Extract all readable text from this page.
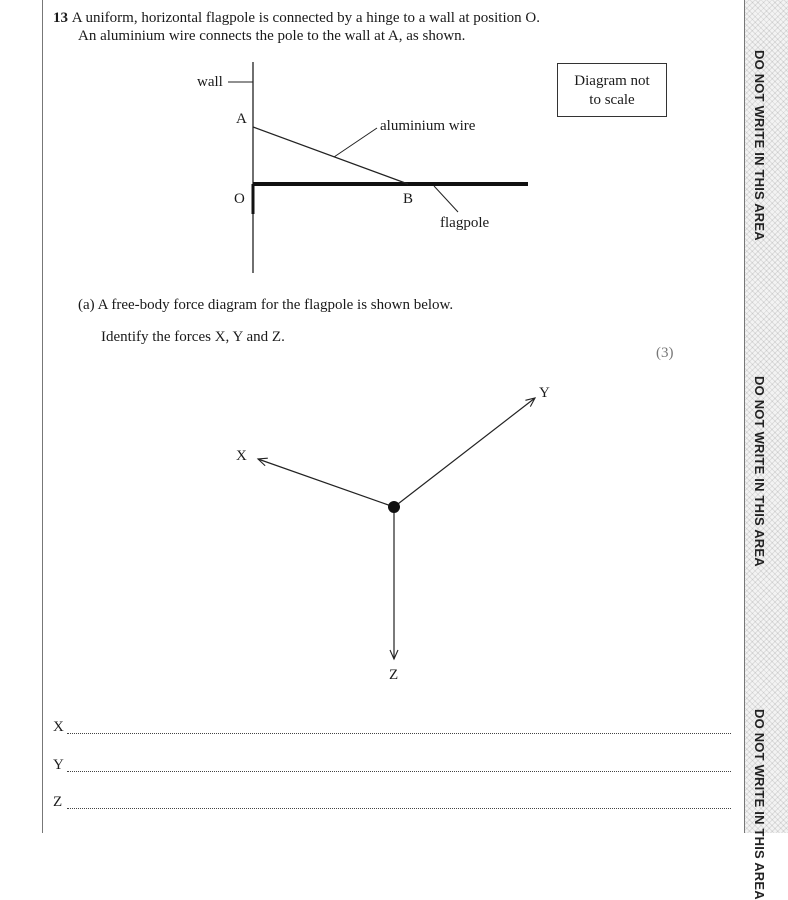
DO NOT WRITE IN THIS AREA
DO NOT WRITE IN THIS AREA
DO NOT WRITE IN THIS AREA
13 A uniform, horizontal flagpole is connected by a hinge to a wall at position O.
An aluminium wire connects the pole to the wall at A, as shown.
Diagram not
to scale
wall
A
O	B
aluminium wire
flagpole
(a) A free-body force diagram for the flagpole is shown below.
Identify the forces X, Y and Z.
(3)
X
Y
Z
X
Y
Z
